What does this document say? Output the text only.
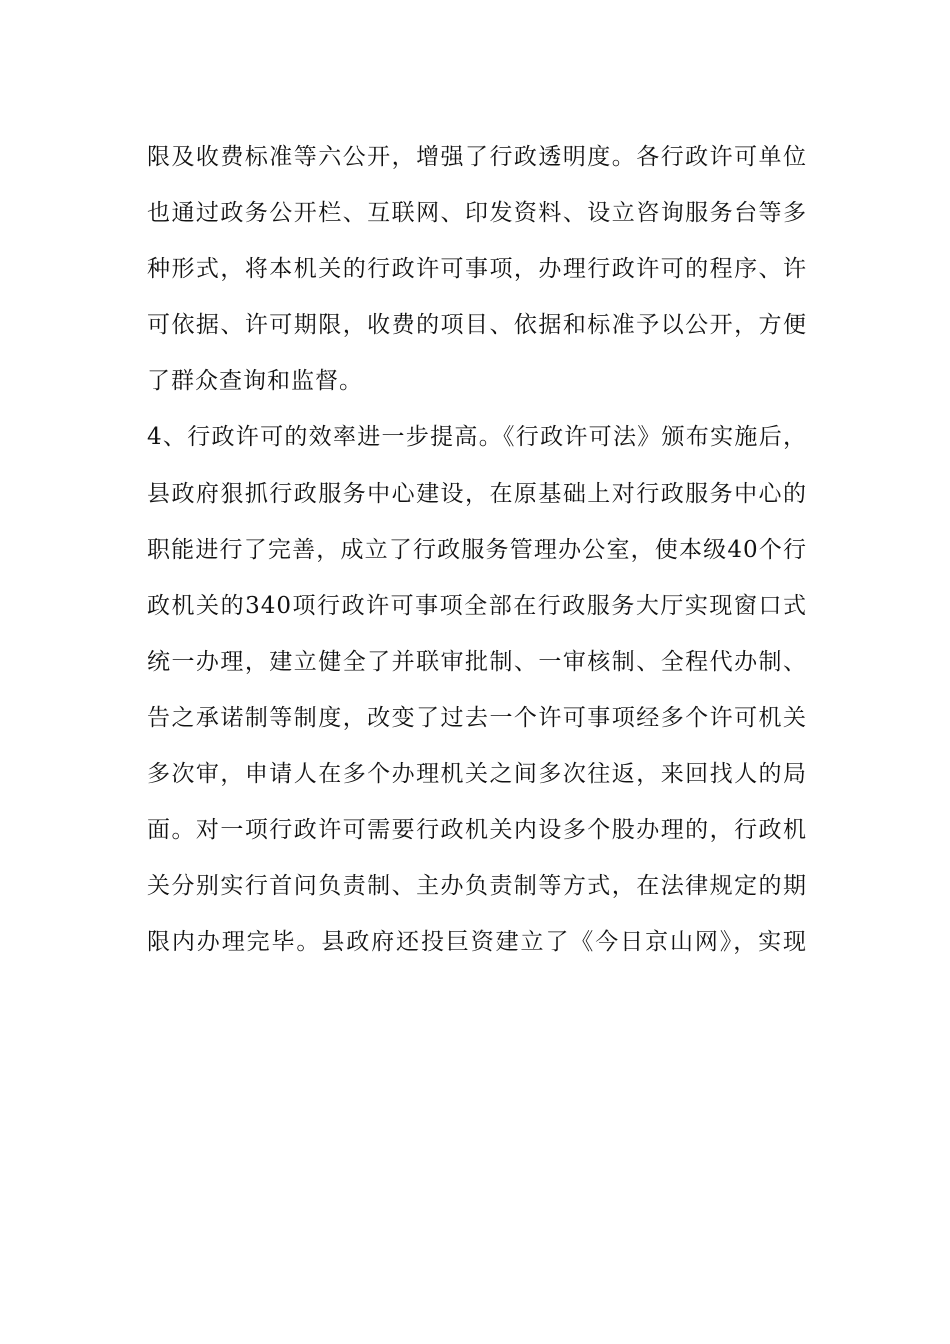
限及收费标准等六公开，增强了行政透明度。各行政许可单位
也通过政务公开栏、互联网、印发资料、设立咨询服务台等多
种形式，将本机关的行政许可事项，办理行政许可的程序、许
可依据、许可期限，收费的项目、依据和标准予以公开，方便
了群众查询和监督。
4、行政许可的效率进一步提高。《行政许可法》颁布实施后，
县政府狠抓行政服务中心建设，在原基础上对行政服务中心的
职能进行了完善，成立了行政服务管理办公室，使本级40个行
政机关的340项行政许可事项全部在行政服务大厅实现窗口式
统一办理，建立健全了并联审批制、一审核制、全程代办制、
告之承诺制等制度，改变了过去一个许可事项经多个许可机关
多次审，申请人在多个办理机关之间多次往返，来回找人的局
面。对一项行政许可需要行政机关内设多个股办理的，行政机
关分别实行首问负责制、主办负责制等方式，在法律规定的期
限内办理完毕。县政府还投巨资建立了《今日京山网》，实现
